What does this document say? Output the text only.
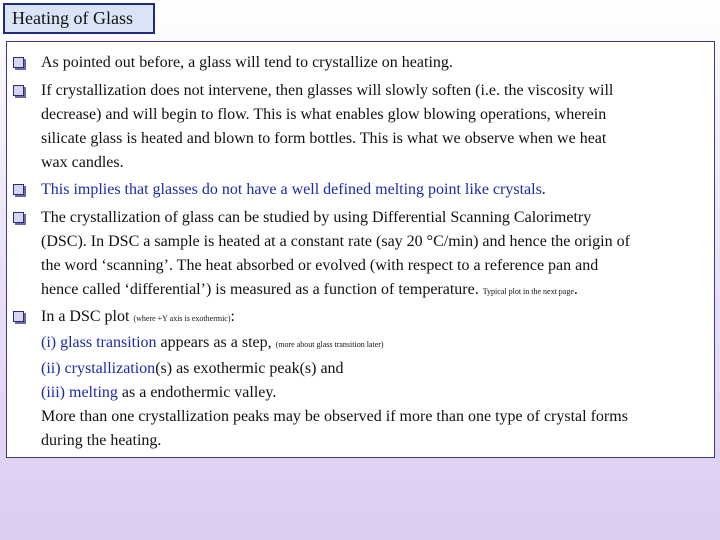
Heating of Glass
As pointed out before, a glass will tend to crystallize on heating.
If crystallization does not intervene, then glasses will slowly soften (i.e. the viscosity will
decrease) and will begin to flow. This is what enables glow blowing operations, wherein
silicate glass is heated and blown to form bottles. This is what we observe when we heat
wax candles.
This implies that glasses do not have a well defined melting point like crystals.
The crystallization of glass can be studied by using Differential Scanning Calorimetry
(DSC). In DSC a sample is heated at a constant rate (say 20 °C/min) and hence the origin of
the word ‘scanning’. The heat absorbed or evolved (with respect to a reference pan and
hence called ‘differential’) is measured as a function of temperature. Typical plot in the next page.
In a DSC plot (where +Y axis is exothermic):
(i) glass transition appears as a step, (more about glass transition later)
(ii) crystallization(s) as exothermic peak(s) and
(iii) melting as a endothermic valley.
More than one crystallization peaks may be observed if more than one type of crystal forms
during the heating.
